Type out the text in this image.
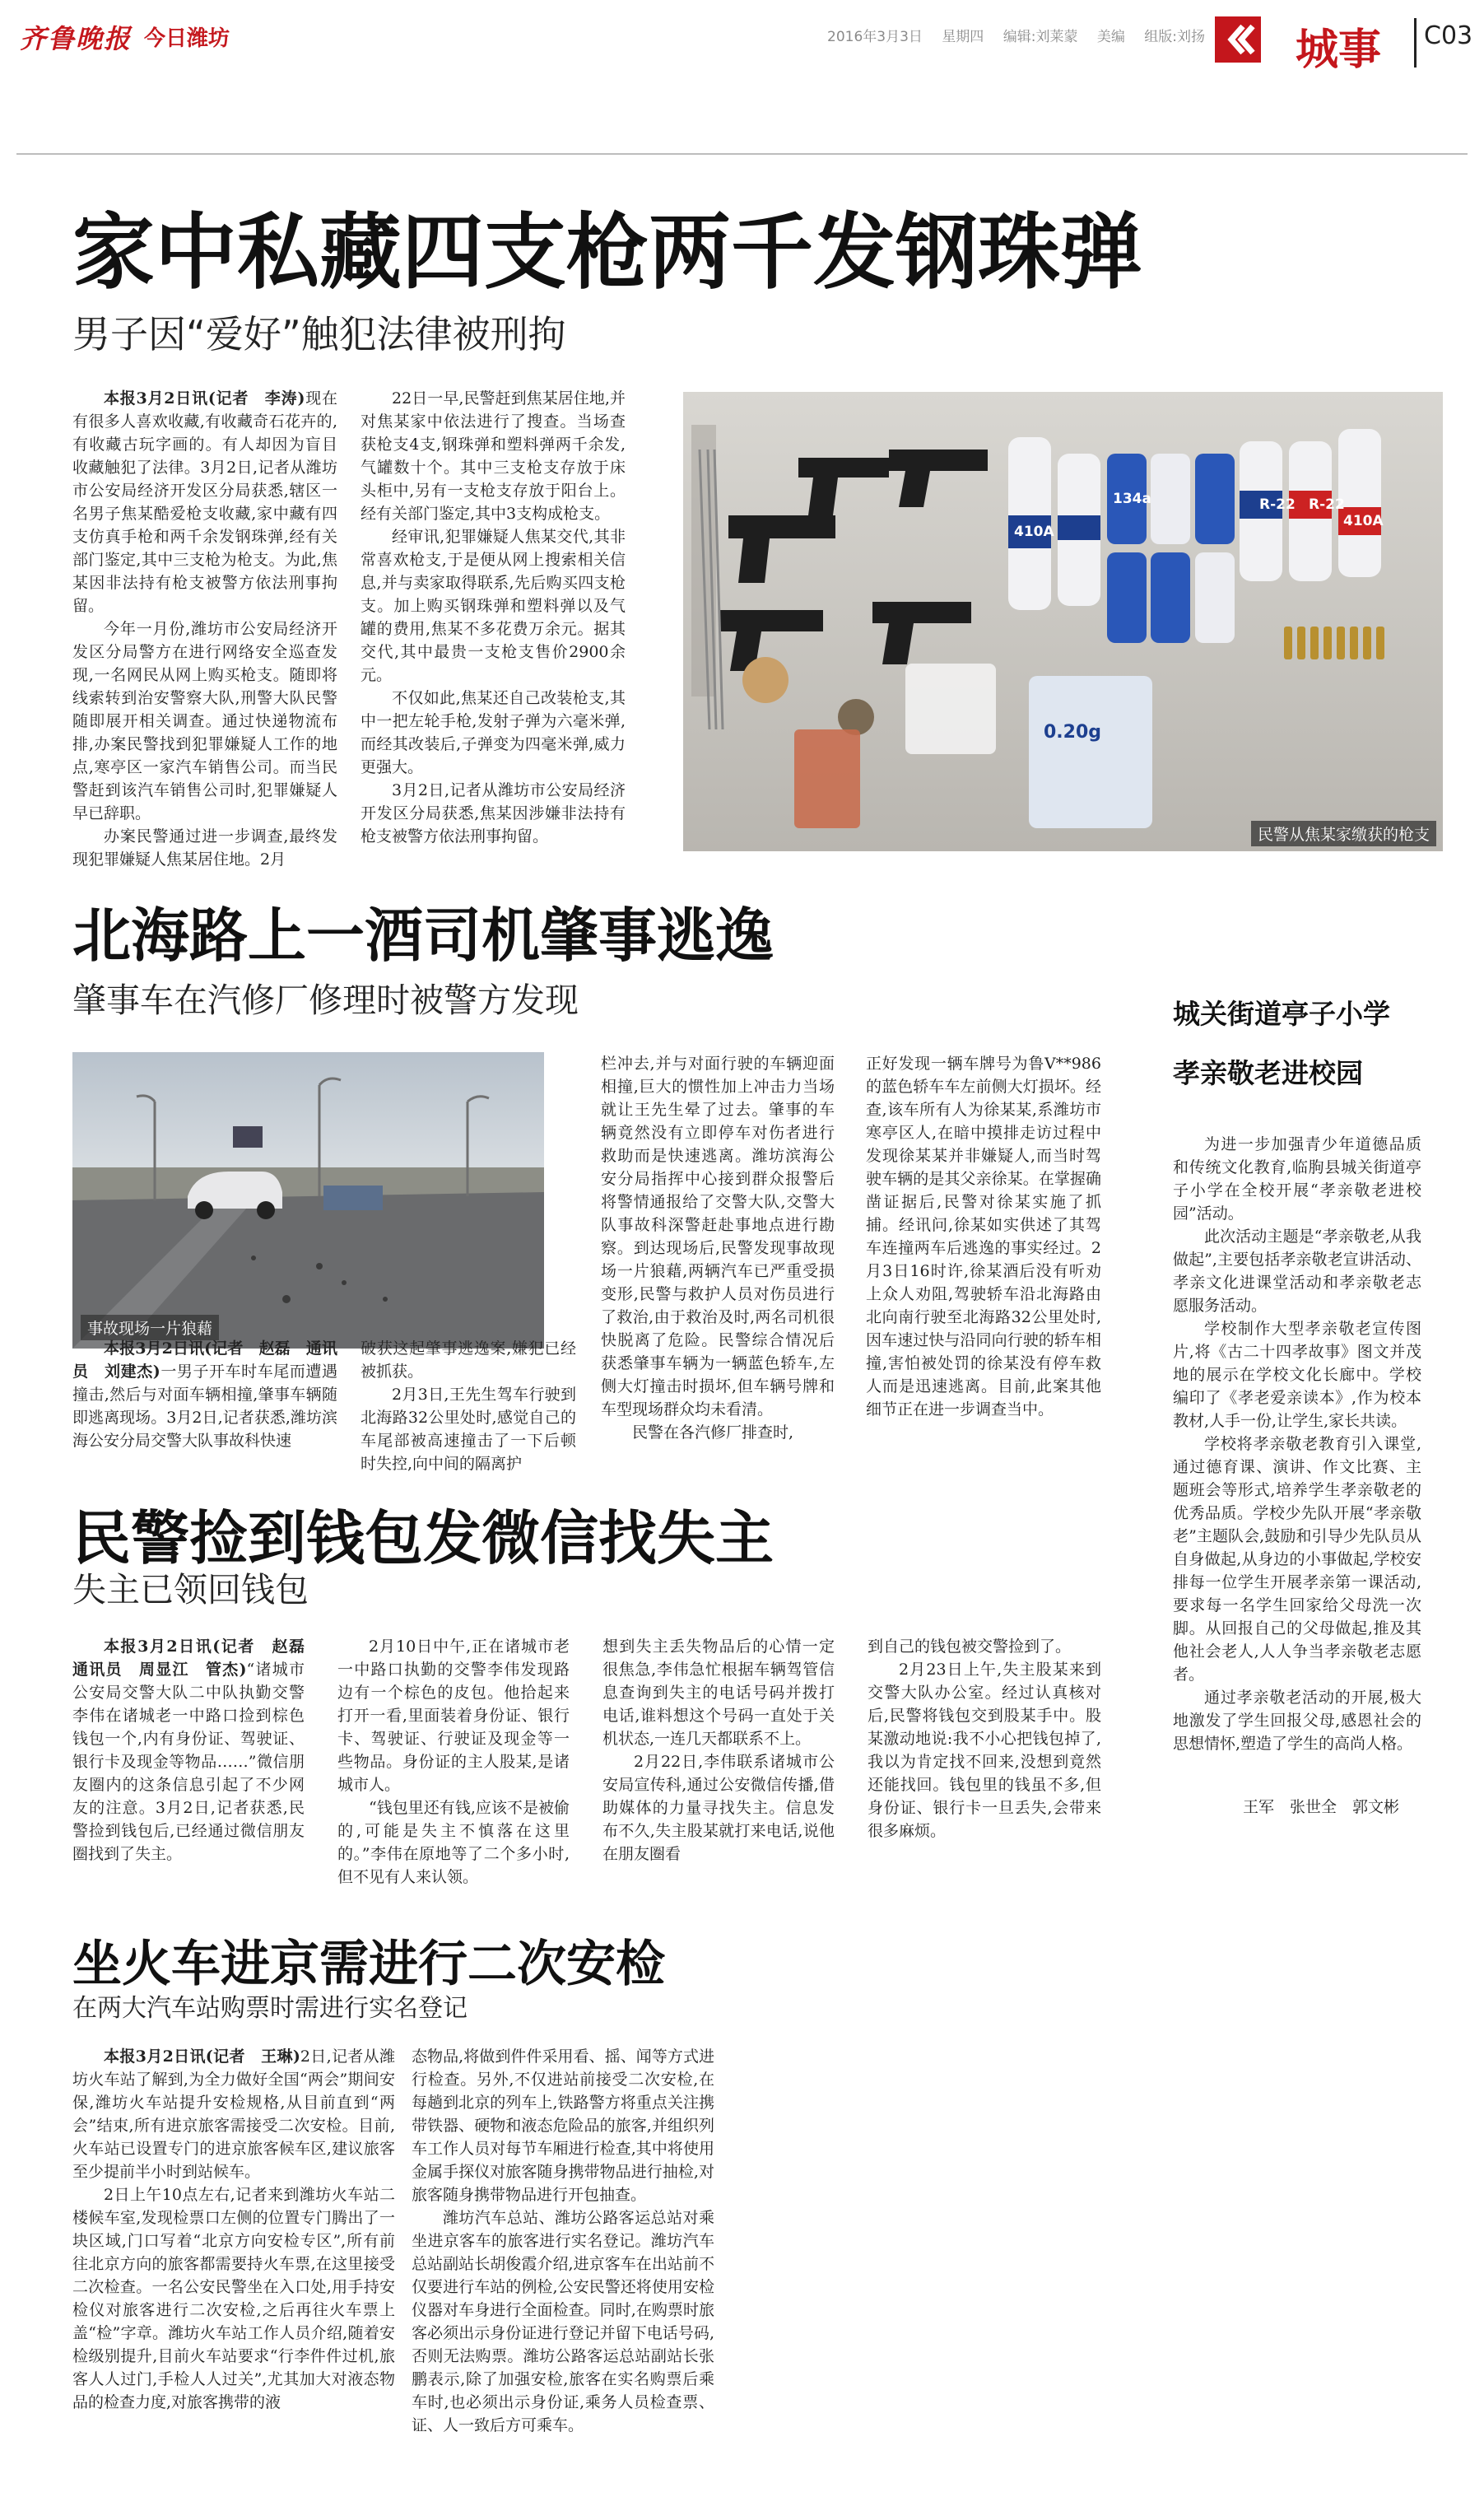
齐鲁晚报 今日潍坊	2016年3月3日 星期四 编辑:刘莱蒙 美编 组版:刘扬	城事 C03
家中私藏四支枪两千发钢珠弹
男子因“爱好”触犯法律被刑拘

本报3月2日讯(记者　李涛)现在有很多人喜欢收藏,有收藏奇石花卉的,有收藏古玩字画的。有人却因为盲目收藏触犯了法律。3月2日,记者从潍坊市公安局经济开发区分局获悉,辖区一名男子焦某酷爱枪支收藏,家中藏有四支仿真手枪和两千余发钢珠弹,经有关部门鉴定,其中三支枪为枪支。为此,焦某因非法持有枪支被警方依法刑事拘留。

今年一月份,潍坊市公安局经济开发区分局警方在进行网络安全巡查发现,一名网民从网上购买枪支。随即将线索转到治安警察大队,刑警大队民警随即展开相关调查。通过快递物流布排,办案民警找到犯罪嫌疑人工作的地点,寒亭区一家汽车销售公司。而当民警赶到该汽车销售公司时,犯罪嫌疑人早已辞职。

办案民警通过进一步调查,最终发现犯罪嫌疑人焦某居住地。2月

22日一早,民警赶到焦某居住地,并对焦某家中依法进行了搜查。当场查获枪支4支,钢珠弹和塑料弹两千余发,气罐数十个。其中三支枪支存放于床头柜中,另有一支枪支存放于阳台上。经有关部门鉴定,其中3支构成枪支。

经审讯,犯罪嫌疑人焦某交代,其非常喜欢枪支,于是便从网上搜索相关信息,并与卖家取得联系,先后购买四支枪支。加上购买钢珠弹和塑料弹以及气罐的费用,焦某不多花费万余元。据其交代,其中最贵一支枪支售价2900余元。

不仅如此,焦某还自己改装枪支,其中一把左轮手枪,发射子弹为六毫米弹,而经其改装后,子弹变为四毫米弹,威力更强大。

3月2日,记者从潍坊市公安局经济开发区分局获悉,焦某因涉嫌非法持有枪支被警方依法刑事拘留。

R-22 R-22
410A
410A
134a
0.20g
民警从焦某家缴获的枪支
北海路上一酒司机肇事逃逸
肇事车在汽修厂修理时被警方发现
事故现场一片狼藉

本报3月2日讯(记者　赵磊　通讯员　刘建杰)一男子开车时车尾而遭遇撞击,然后与对面车辆相撞,肇事车辆随即逃离现场。3月2日,记者获悉,潍坊滨海公安分局交警大队事故科快速

破获这起肇事逃逸案,嫌犯已经被抓获。

2月3日,王先生驾车行驶到北海路32公里处时,感觉自己的车尾部被高速撞击了一下后顿时失控,向中间的隔离护

栏冲去,并与对面行驶的车辆迎面相撞,巨大的惯性加上冲击力当场就让王先生晕了过去。肇事的车辆竟然没有立即停车对伤者进行救助而是快速逃离。潍坊滨海公安分局指挥中心接到群众报警后将警情通报给了交警大队,交警大队事故科深警赶赴事地点进行勘察。到达现场后,民警发现事故现场一片狼藉,两辆汽车已严重受损变形,民警与救护人员对伤员进行了救治,由于救治及时,两名司机很快脱离了危险。民警综合情况后获悉肇事车辆为一辆蓝色轿车,左侧大灯撞击时损坏,但车辆号牌和车型现场群众均未看清。

民警在各汽修厂排查时,

正好发现一辆车牌号为鲁V**986的蓝色轿车车左前侧大灯损坏。经查,该车所有人为徐某某,系潍坊市寒亭区人,在暗中摸排走访过程中发现徐某某并非嫌疑人,而当时驾驶车辆的是其父亲徐某。在掌握确凿证据后,民警对徐某实施了抓捕。经讯问,徐某如实供述了其驾车连撞两车后逃逸的事实经过。2月3日16时许,徐某酒后没有听劝上众人劝阻,驾驶轿车沿北海路由北向南行驶至北海路32公里处时,因车速过快与沿同向行驶的轿车相撞,害怕被处罚的徐某没有停车救人而是迅速逃离。目前,此案其他细节正在进一步调查当中。

城关街道亭子小学
孝亲敬老进校园

为进一步加强青少年道德品质和传统文化教育,临朐县城关街道亭子小学在全校开展“孝亲敬老进校园”活动。

此次活动主题是“孝亲敬老,从我做起”,主要包括孝亲敬老宣讲活动、孝亲文化进课堂活动和孝亲敬老志愿服务活动。

学校制作大型孝亲敬老宣传图片,将《古二十四孝故事》图文并茂地的展示在学校文化长廊中。学校编印了《孝老爱亲读本》,作为校本教材,人手一份,让学生,家长共读。

学校将孝亲敬老教育引入课堂,通过德育课、演讲、作文比赛、主题班会等形式,培养学生孝亲敬老的优秀品质。学校少先队开展“孝亲敬老”主题队会,鼓励和引导少先队员从自身做起,从身边的小事做起,学校安排每一位学生开展孝亲第一课活动,要求每一名学生回家给父母洗一次脚。从回报自己的父母做起,推及其他社会老人,人人争当孝亲敬老志愿者。

通过孝亲敬老活动的开展,极大地激发了学生回报父母,感恩社会的思想情怀,塑造了学生的高尚人格。

王军　张世全　郭文彬
民警捡到钱包发微信找失主
失主已领回钱包

本报3月2日讯(记者　赵磊　通讯员　周显江　管杰)“诸城市公安局交警大队二中队执勤交警李伟在诸城老一中路口捡到棕色钱包一个,内有身份证、驾驶证、银行卡及现金等物品……”微信朋友圈内的这条信息引起了不少网友的注意。3月2日,记者获悉,民警捡到钱包后,已经通过微信朋友圈找到了失主。

2月10日中午,正在诸城市老一中路口执勤的交警李伟发现路边有一个棕色的皮包。他拾起来打开一看,里面装着身份证、银行卡、驾驶证、行驶证及现金等一些物品。身份证的主人股某,是诸城市人。

“钱包里还有钱,应该不是被偷的,可能是失主不慎落在这里的。”李伟在原地等了二个多小时,但不见有人来认领。

想到失主丢失物品后的心情一定很焦急,李伟急忙根据车辆驾管信息查询到失主的电话号码并拨打电话,谁料想这个号码一直处于关机状态,一连几天都联系不上。

2月22日,李伟联系诸城市公安局宣传科,通过公安微信传播,借助媒体的力量寻找失主。信息发布不久,失主股某就打来电话,说他在朋友圈看

到自己的钱包被交警捡到了。

2月23日上午,失主股某来到交警大队办公室。经过认真核对后,民警将钱包交到股某手中。股某激动地说:我不小心把钱包掉了,我以为肯定找不回来,没想到竟然还能找回。钱包里的钱虽不多,但身份证、银行卡一旦丢失,会带来很多麻烦。

坐火车进京需进行二次安检
在两大汽车站购票时需进行实名登记

本报3月2日讯(记者　王琳)2日,记者从潍坊火车站了解到,为全力做好全国“两会”期间安保,潍坊火车站提升安检规格,从目前直到“两会”结束,所有进京旅客需接受二次安检。目前,火车站已设置专门的进京旅客候车区,建议旅客至少提前半小时到站候车。

2日上午10点左右,记者来到潍坊火车站二楼候车室,发现检票口左侧的位置专门腾出了一块区域,门口写着“北京方向安检专区”,所有前往北京方向的旅客都需要持火车票,在这里接受二次检查。一名公安民警坐在入口处,用手持安检仪对旅客进行二次安检,之后再往火车票上盖“检”字章。潍坊火车站工作人员介绍,随着安检级别提升,目前火车站要求“行李件件过机,旅客人人过门,手检人人过关”,尤其加大对液态物品的检查力度,对旅客携带的液

态物品,将做到件件采用看、摇、闻等方式进行检查。另外,不仅进站前接受二次安检,在每趟到北京的列车上,铁路警方将重点关注携带铁器、硬物和液态危险品的旅客,并组织列车工作人员对每节车厢进行检查,其中将使用金属手探仪对旅客随身携带物品进行抽检,对旅客随身携带物品进行开包抽查。

潍坊汽车总站、潍坊公路客运总站对乘坐进京客车的旅客进行实名登记。潍坊汽车总站副站长胡俊霞介绍,进京客车在出站前不仅要进行车站的例检,公安民警还将使用安检仪器对车身进行全面检查。同时,在购票时旅客必须出示身份证进行登记并留下电话号码,否则无法购票。潍坊公路客运总站副站长张鹏表示,除了加强安检,旅客在实名购票后乘车时,也必须出示身份证,乘务人员检查票、证、人一致后方可乘车。
